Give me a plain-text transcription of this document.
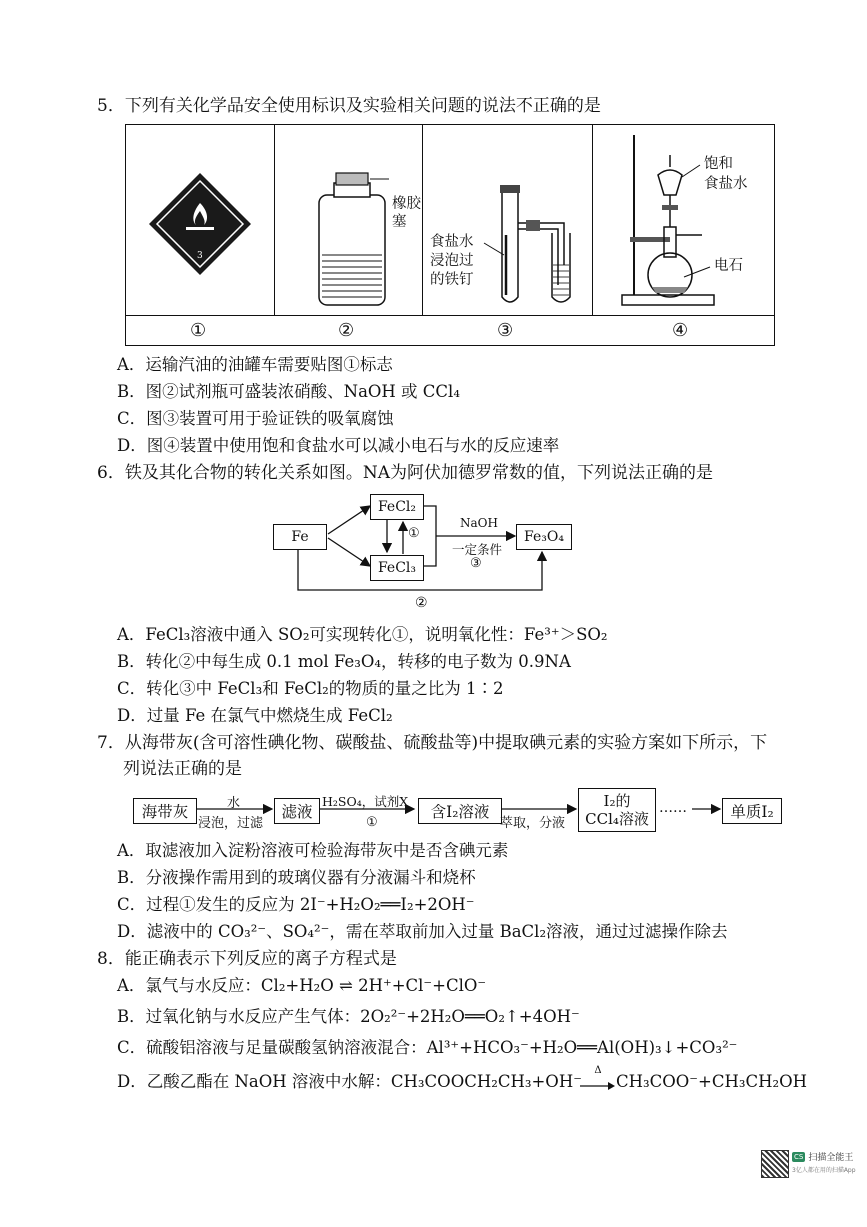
5．下列有关化学品安全使用标识及实验相关问题的说法不正确的是
3
橡胶塞
食盐水
浸泡过
的铁钉
饱和
食盐水
电石
①	②	③	④
A．运输汽油的油罐车需要贴图①标志
B．图②试剂瓶可盛装浓硝酸、NaOH 或 CCl₄
C．图③装置可用于验证铁的吸氧腐蚀
D．图④装置中使用饱和食盐水可以减小电石与水的反应速率
6．铁及其化合物的转化关系如图。NA为阿伏加德罗常数的值，下列说法正确的是
Fe
FeCl₂
FeCl₃
Fe₃O₄
①
NaOH
一定条件
③
②
A．FeCl₃溶液中通入 SO₂可实现转化①，说明氧化性：Fe³⁺＞SO₂
B．转化②中每生成 0.1 mol Fe₃O₄，转移的电子数为 0.9NA
C．转化③中 FeCl₃和 FeCl₂的物质的量之比为 1∶2
D．过量 Fe 在氯气中燃烧生成 FeCl₂
7．从海带灰(含可溶性碘化物、碳酸盐、硫酸盐等)中提取碘元素的实验方案如下所示，下
列说法正确的是
海带灰	水
浸泡，过滤
滤液
H₂SO₄，试剂X
①
含I₂溶液
萃取，分液
I₂的
CCl₄溶液
……	单质I₂
A．取滤液加入淀粉溶液可检验海带灰中是否含碘元素
B．分液操作需用到的玻璃仪器有分液漏斗和烧杯
C．过程①发生的反应为 2I⁻+H₂O₂══I₂+2OH⁻
D．滤液中的 CO₃²⁻、SO₄²⁻，需在萃取前加入过量 BaCl₂溶液，通过过滤操作除去
8．能正确表示下列反应的离子方程式是
A．氯气与水反应：Cl₂+H₂O ⇌ 2H⁺+Cl⁻+ClO⁻
B．过氧化钠与水反应产生气体：2O₂²⁻+2H₂O══O₂↑+4OH⁻
C．硫酸铝溶液与足量碳酸氢钠溶液混合：Al³⁺+HCO₃⁻+H₂O══Al(OH)₃↓+CO₃²⁻
D．乙酸乙酯在 NaOH 溶液中水解：CH₃COOCH₂CH₃+OH⁻
Δ
CH₃COO⁻+CH₃CH₂OH
CS 扫描全能王
3亿人都在用的扫描App
